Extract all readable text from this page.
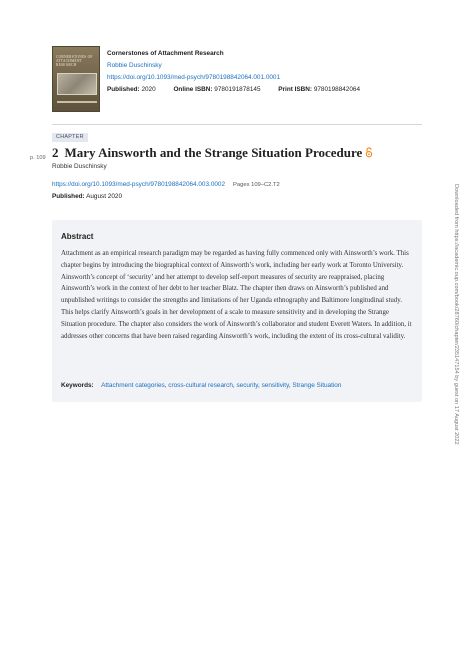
CORNERSTONES OF ATTACHMENT RESEARCH
Cornerstones of Attachment Research
Robbie Duschinsky
https://doi.org/10.1093/med-psych/9780198842064.001.0001
Published: 2020	Online ISBN: 9780191878145	Print ISBN: 9780198842064
CHAPTER
p. 109 2 Mary Ainsworth and the Strange Situation Procedure
Robbie Duschinsky
https://doi.org/10.1093/med-psych/9780198842064.003.0002 Pages 109–C2.T2
Published: August 2020
Abstract
Attachment as an empirical research paradigm may be regarded as having fully commenced only with Ainsworth’s work. This chapter begins by introducing the biographical context of Ainsworth’s work, including her early work at Toronto University. Ainsworth’s concept of ‘security’ and her attempt to develop self-report measures of security are reappraised, placing Ainsworth’s work in the context of her debt to her teacher Blatz. The chapter then draws on Ainsworth’s published and unpublished writings to consider the strengths and limitations of her Uganda ethnography and Baltimore longitudinal study. This helps clarify Ainsworth’s goals in her development of a scale to measure sensitivity and in developing the Strange Situation procedure. The chapter also considers the work of Ainsworth’s collaborator and student Everett Waters. In addition, it addresses other concerns that have been raised regarding Ainsworth’s work, including the extent of its cross-cultural validity.
Keywords: Attachment categories, cross-cultural research, security, sensitivity, Strange Situation	Downloaded from https://academic.oup.com/book/28760/chapter/235147154 by guest on 17 August 2022
